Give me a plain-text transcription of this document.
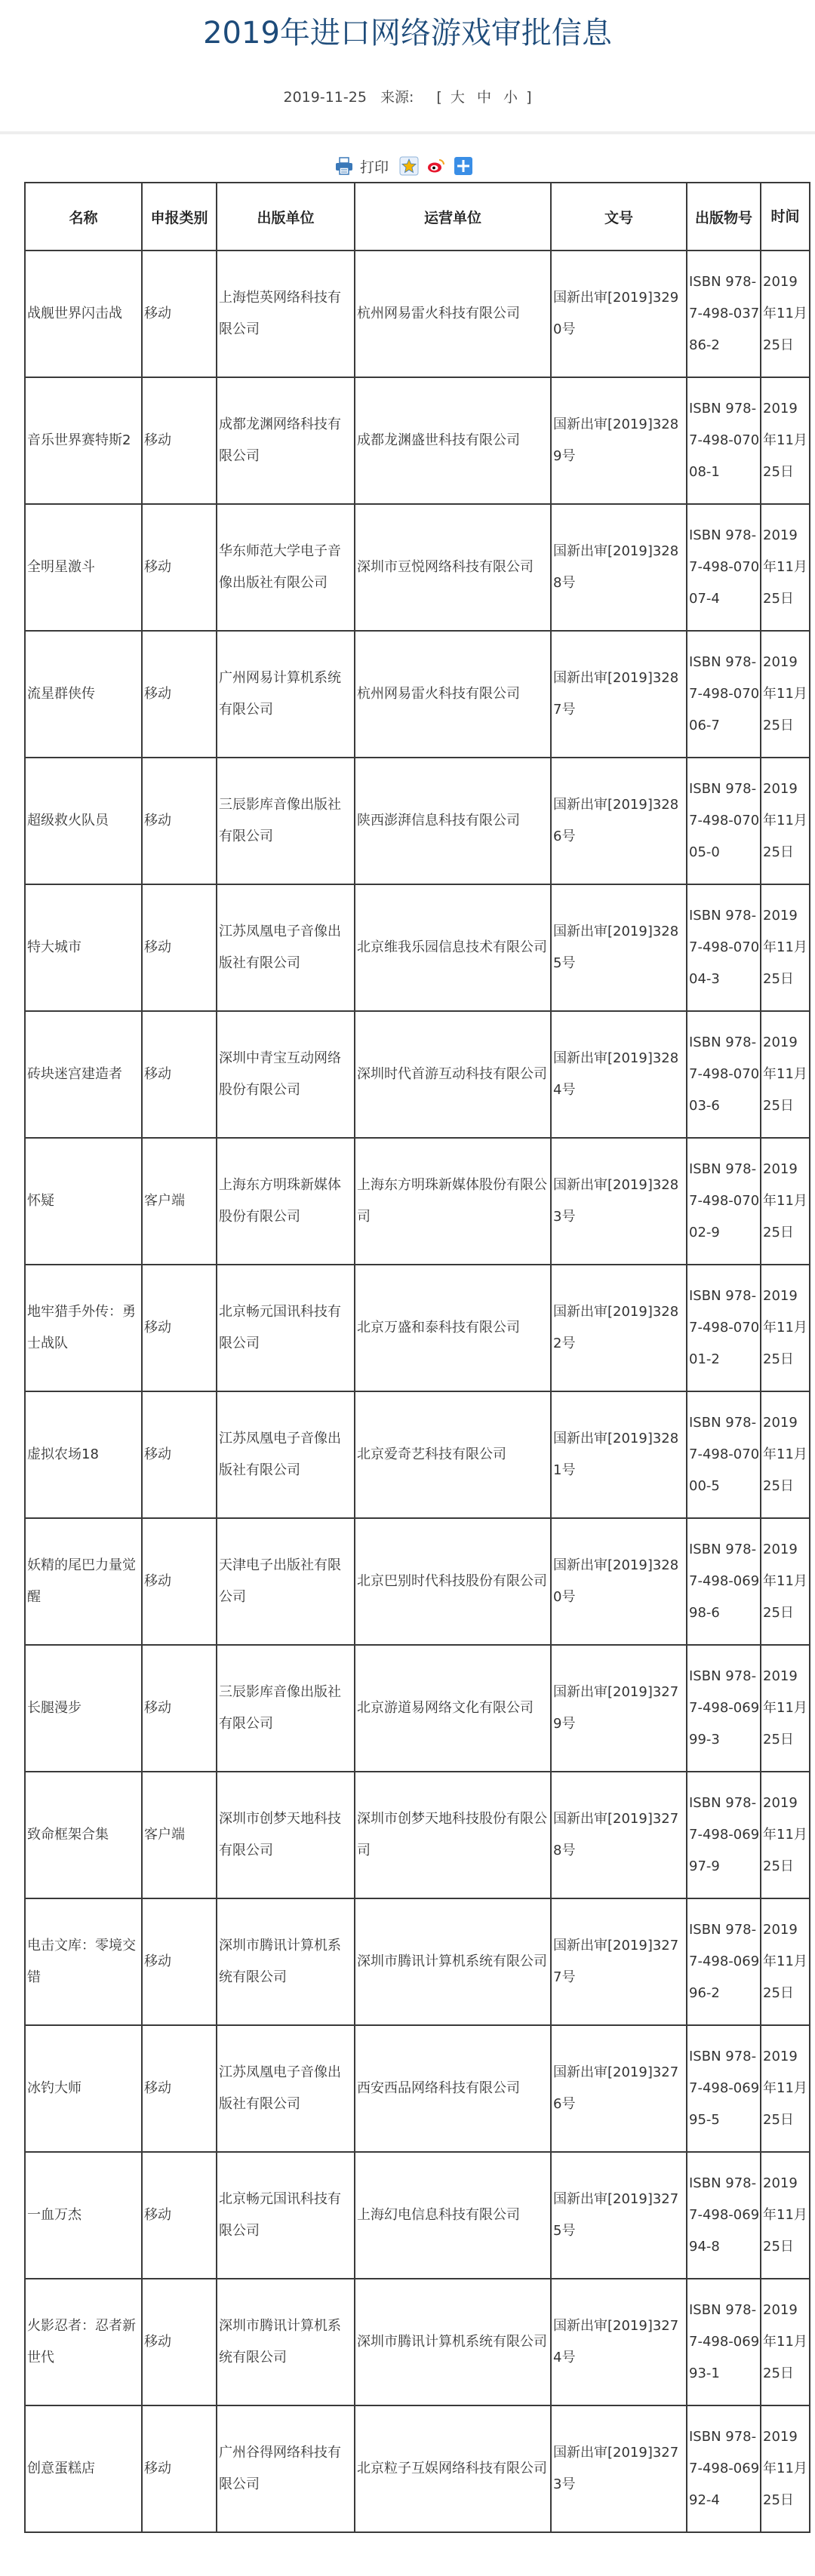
2019年进口网络游戏审批信息
2019-11-25 来源: [ 大 中 小 ]
打印
名称	申报类别	出版单位	运营单位	文号	出版物号	时间
战舰世界闪击战	移动	上海恺英网络科技有限公司	杭州网易雷火科技有限公司	国新出审[2019]3290号	ISBN 978-7-498-03786-2	2019年11月25日
音乐世界赛特斯2	移动	成都龙渊网络科技有限公司	成都龙渊盛世科技有限公司	国新出审[2019]3289号	ISBN 978-7-498-07008-1	2019年11月25日
全明星激斗	移动	华东师范大学电子音像出版社有限公司	深圳市豆悦网络科技有限公司	国新出审[2019]3288号	ISBN 978-7-498-07007-4	2019年11月25日
流星群侠传	移动	广州网易计算机系统有限公司	杭州网易雷火科技有限公司	国新出审[2019]3287号	ISBN 978-7-498-07006-7	2019年11月25日
超级救火队员	移动	三辰影库音像出版社有限公司	陕西澎湃信息科技有限公司	国新出审[2019]3286号	ISBN 978-7-498-07005-0	2019年11月25日
特大城市	移动	江苏凤凰电子音像出版社有限公司	北京维我乐园信息技术有限公司	国新出审[2019]3285号	ISBN 978-7-498-07004-3	2019年11月25日
砖块迷宫建造者	移动	深圳中青宝互动网络股份有限公司	深圳时代首游互动科技有限公司	国新出审[2019]3284号	ISBN 978-7-498-07003-6	2019年11月25日
怀疑	客户端	上海东方明珠新媒体股份有限公司	上海东方明珠新媒体股份有限公司	国新出审[2019]3283号	ISBN 978-7-498-07002-9	2019年11月25日
地牢猎手外传：勇士战队	移动	北京畅元国讯科技有限公司	北京万盛和泰科技有限公司	国新出审[2019]3282号	ISBN 978-7-498-07001-2	2019年11月25日
虚拟农场18	移动	江苏凤凰电子音像出版社有限公司	北京爱奇艺科技有限公司	国新出审[2019]3281号	ISBN 978-7-498-07000-5	2019年11月25日
妖精的尾巴力量觉醒	移动	天津电子出版社有限公司	北京巴别时代科技股份有限公司	国新出审[2019]3280号	ISBN 978-7-498-06998-6	2019年11月25日
长腿漫步	移动	三辰影库音像出版社有限公司	北京游道易网络文化有限公司	国新出审[2019]3279号	ISBN 978-7-498-06999-3	2019年11月25日
致命框架合集	客户端	深圳市创梦天地科技有限公司	深圳市创梦天地科技股份有限公司	国新出审[2019]3278号	ISBN 978-7-498-06997-9	2019年11月25日
电击文库：零境交错	移动	深圳市腾讯计算机系统有限公司	深圳市腾讯计算机系统有限公司	国新出审[2019]3277号	ISBN 978-7-498-06996-2	2019年11月25日
冰钓大师	移动	江苏凤凰电子音像出版社有限公司	西安西品网络科技有限公司	国新出审[2019]3276号	ISBN 978-7-498-06995-5	2019年11月25日
一血万杰	移动	北京畅元国讯科技有限公司	上海幻电信息科技有限公司	国新出审[2019]3275号	ISBN 978-7-498-06994-8	2019年11月25日
火影忍者：忍者新世代	移动	深圳市腾讯计算机系统有限公司	深圳市腾讯计算机系统有限公司	国新出审[2019]3274号	ISBN 978-7-498-06993-1	2019年11月25日
创意蛋糕店	移动	广州谷得网络科技有限公司	北京粒子互娱网络科技有限公司	国新出审[2019]3273号	ISBN 978-7-498-06992-4	2019年11月25日
